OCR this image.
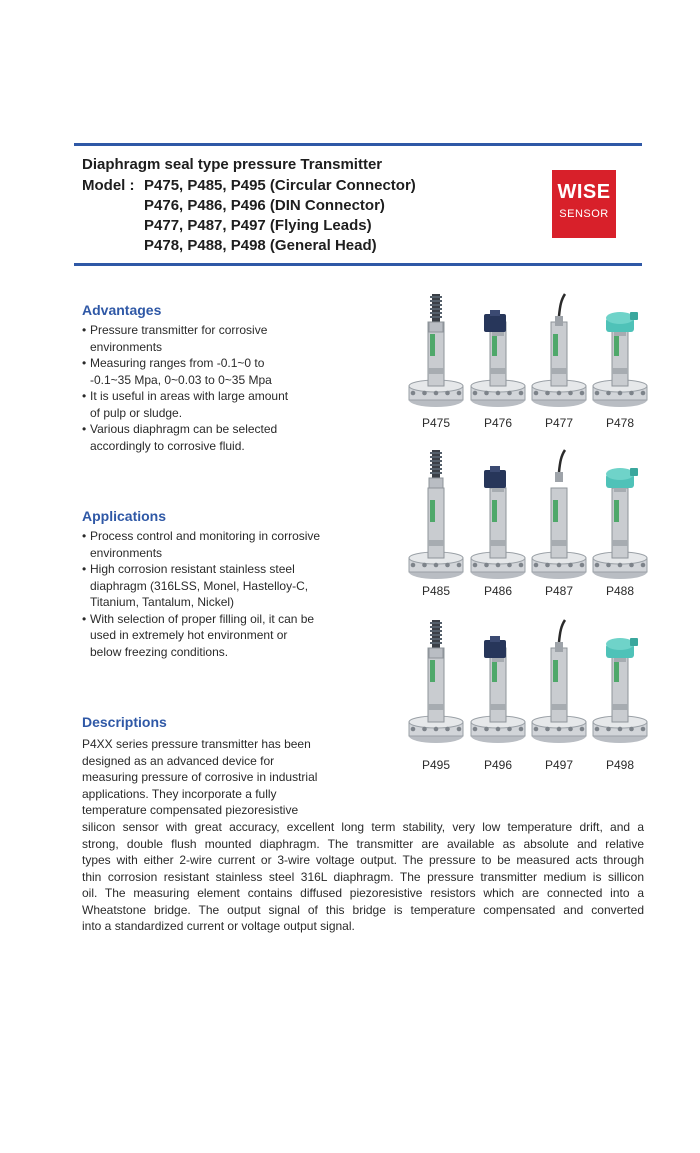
Diaphragm seal type pressure Transmitter
Model : P475, P485, P495 (Circular Connector)
P476, P486, P496 (DIN Connector)
P477, P487, P497 (Flying Leads)
P478, P488, P498 (General Head)
WISE
SENSOR
Advantages
• Pressure transmitter for corrosive
environments
• Measuring ranges from -0.1~0 to
-0.1~35 Mpa, 0~0.03 to 0~35 Mpa
• It is useful in areas with large amount
of pulp or sludge.
• Various diaphragm can be selected
accordingly to corrosive fluid.
Applications
• Process control and monitoring in corrosive
environments
• High corrosion resistant stainless steel
diaphragm (316LSS, Monel, Hastelloy-C,
Titanium, Tantalum, Nickel)
• With selection of proper filling oil, it can be
used in extremely hot environment or
below freezing conditions.
Descriptions
P4XX series pressure transmitter has been
designed as an advanced device for
measuring pressure of corrosive in industrial
applications. They incorporate a fully
temperature compensated piezoresistive
silicon sensor with great accuracy, excellent long term stability, very low temperature drift, and a
strong, double flush mounted diaphragm. The transmitter are available as absolute and relative
types with either 2-wire current or 3-wire voltage output. The pressure to be measured acts through
thin corrosion resistant stainless steel 316L diaphragm. The pressure transmitter medium is sillicon
oil. The measuring element contains diffused piezoresistive resistors which are connected into a
Wheatstone bridge. The output signal of this bridge is temperature compensated and converted
into a standardized current or voltage output signal.
P475	P476	P477	P478
P485	P486	P487	P488
P495	P496	P497	P498
